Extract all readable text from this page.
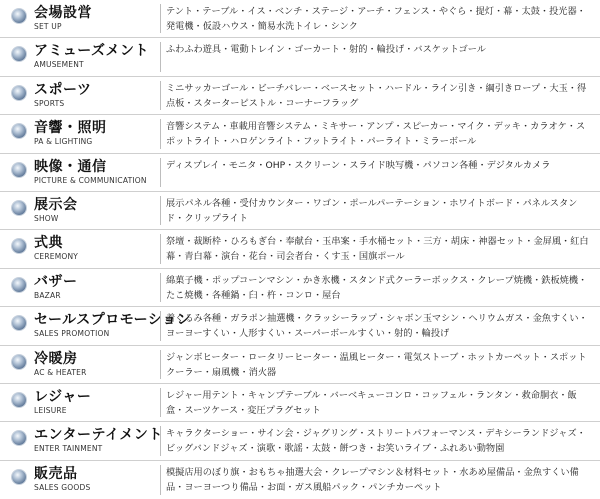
会場設営
SET UP
テント・テーブル・イス・ベンチ・ステージ・アーチ・フェンス・やぐら・提灯・幕・太鼓・投光器・発電機・仮設ハウス・簡易水洗トイレ・シンク
アミューズメント
AMUSEMENT
ふわふわ遊具・電動トレイン・ゴーカート・射的・輪投げ・バスケットゴール
スポーツ
SPORTS
ミニサッカーゴール・ビーチバレー・ベースセット・ハードル・ライン引き・綱引きロープ・大玉・得点板・スターターピストル・コーナーフラッグ
音響・照明
PA & LIGHTING
音響システム・車載用音響システム・ミキサー・アンプ・スピーカー・マイク・デッキ・カラオケ・スポットライト・ハロゲンライト・フットライト・パーライト・ミラーボール
映像・通信
PICTURE & COMMUNICATION
ディスプレイ・モニタ・OHP・スクリーン・スライド映写機・パソコン各種・デジタルカメラ
展示会
SHOW
展示パネル各種・受付カウンター・ワゴン・ポールパーテーション・ホワイトボード・パネルスタンド・クリップライト
式典
CEREMONY
祭壇・裁断枠・ひろもぎ台・奉献台・玉串案・手水桶セット・三方・胡床・神器セット・金屏風・紅白幕・青白幕・演台・花台・司会者台・くす玉・国旗ポール
バザー
BAZAR
綿菓子機・ポップコーンマシン・かき氷機・スタンド式クーラーボックス・クレープ焼機・鉄板焼機・たこ焼機・各種鍋・臼・杵・コンロ・屋台
セールスプロモーション
SALES PROMOTION
着ぐるみ各種・ガラポン抽選機・クラッシーラップ・シャボン玉マシン・ヘリウムガス・金魚すくい・ヨーヨーすくい・人形すくい・スーパーボールすくい・射的・輪投げ
冷暖房
AC & HEATER
ジャンボヒーター・ロータリーヒーター・温風ヒーター・電気ストーブ・ホットカーペット・スポットクーラー・扇風機・消火器
レジャー
LEISURE
レジャー用テント・キャンプテーブル・バーベキューコンロ・コッフェル・ランタン・救命胴衣・飯盒・スーツケース・変圧プラグセット
エンターテイメント
ENTER TAINMENT
キャラクターショー・サイン会・ジャグリング・ストリートパフォーマンス・デキシーランドジャズ・ビッグバンドジャズ・演歌・歌謡・太鼓・餅つき・お笑いライブ・ふれあい動物園
販売品
SALES GOODS
模擬店用のぼり旗・おもちゃ抽選大会・クレープマシン＆材料セット・水あめ屋備品・金魚すくい備品・ヨーヨーつり備品・お面・ガス風船パック・パンチカーペット
